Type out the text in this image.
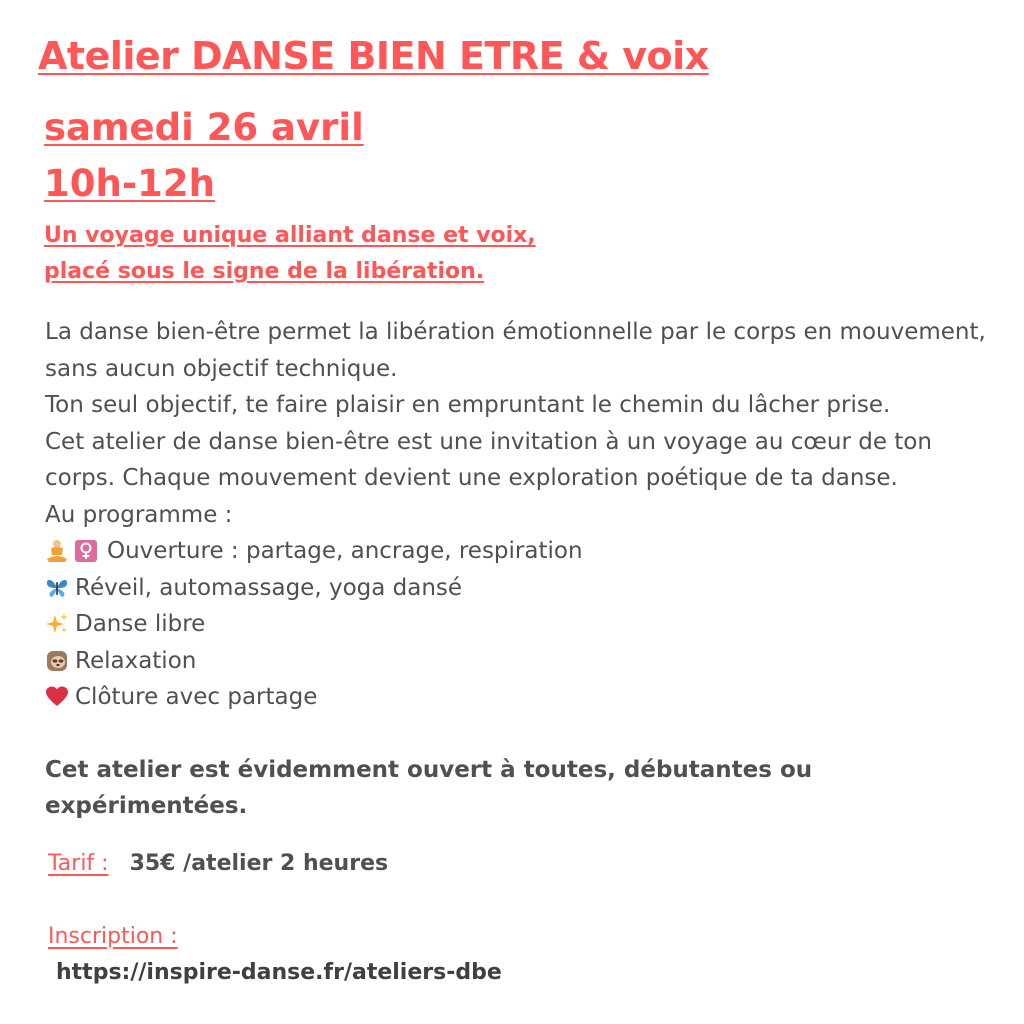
Atelier DANSE BIEN ETRE & voix
samedi 26 avril
10h-12h
Un voyage unique alliant danse et voix,
placé sous le signe de la libération.

La danse bien-être permet la libération émotionnelle par le corps en mouvement, sans aucun objectif technique.

Ton seul objectif, te faire plaisir en empruntant le chemin du lâcher prise.

Cet atelier de danse bien-être est une invitation à un voyage au cœur de ton corps. Chaque mouvement devient une exploration poétique de ta danse.

Au programme :

Ouverture : partage, ancrage, respiration
Réveil, automassage, yoga dansé
Danse libre
Relaxation
Clôture avec partage
Cet atelier est évidemment ouvert à toutes, débutantes ou expérimentées.
Tarif : 35€ /atelier 2 heures
Inscription :
https://inspire-danse.fr/ateliers-dbe
